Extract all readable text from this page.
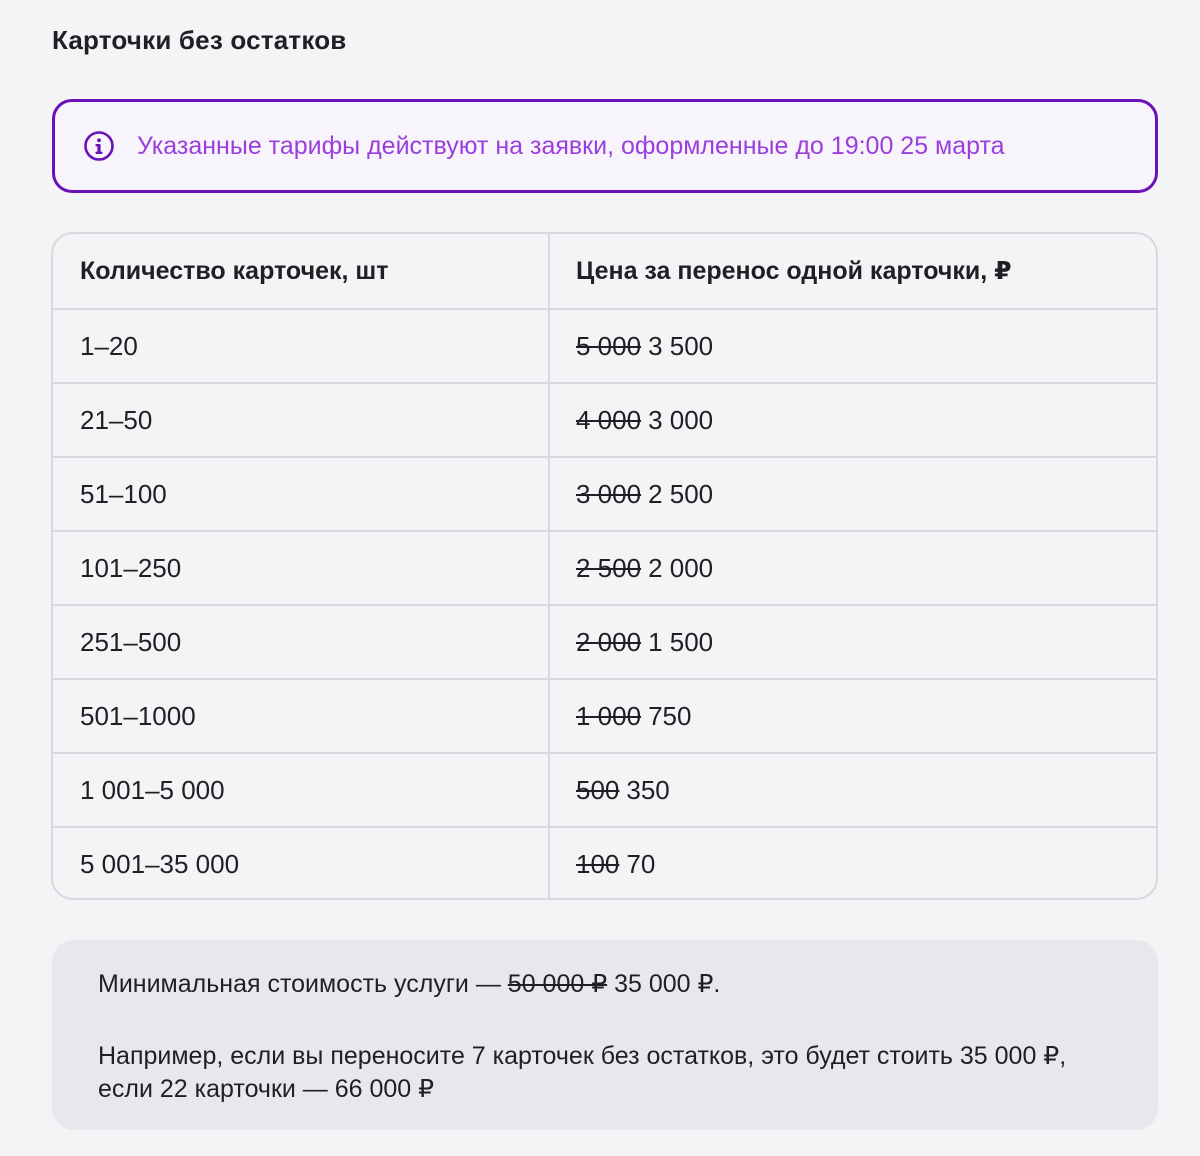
Карточки без остатков
Указанные тарифы действуют на заявки, оформленные до 19:00 25 марта
Количество карточек, шт	Цена за перенос одной карточки, ₽
1–20	5 000 3 500
21–50	4 000 3 000
51–100	3 000 2 500
101–250	2 500 2 000
251–500	2 000 1 500
501–1000	1 000 750
1 001–5 000	500 350
5 001–35 000	100 70

Минимальная стоимость услуги — 50 000 ₽ 35 000 ₽.

Например, если вы переносите 7 карточек без остатков, это будет стоить 35 000 ₽, если 22 карточки — 66 000 ₽
